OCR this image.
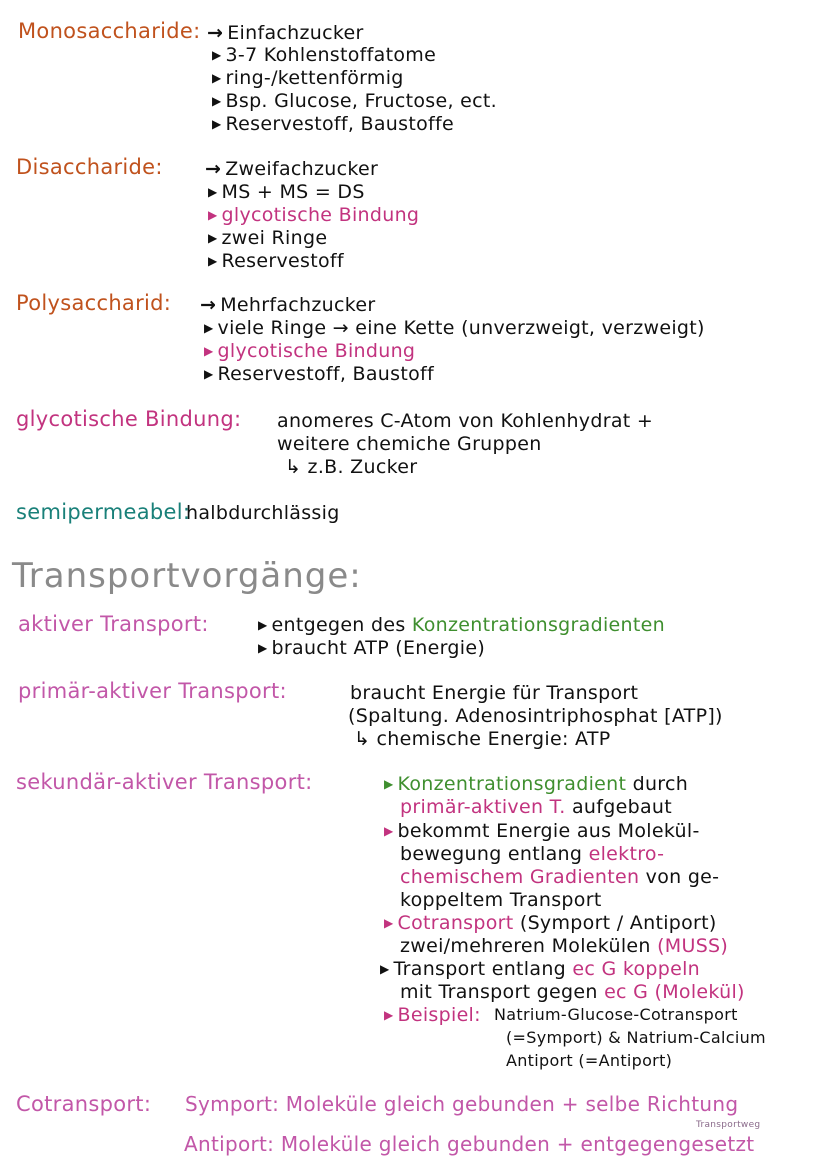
Monosaccharide: → Einfachzucker
▶ 3-7 Kohlenstoffatome
▶ ring-/kettenförmig
▶ Bsp. Glucose, Fructose, ect.
▶ Reservestoff, Baustoffe
Disaccharide: → Zweifachzucker
▶ MS + MS = DS
▶ glycotische Bindung
▶ zwei Ringe
▶ Reservestoff
Polysaccharid: → Mehrfachzucker
▶ viele Ringe → eine Kette (unverzweigt, verzweigt)
▶ glycotische Bindung
▶ Reservestoff, Baustoff
glycotische Bindung: anomeres C-Atom von Kohlenhydrat +
weitere chemiche Gruppen
↳ z.B. Zucker
semipermeabel:
halbdurchlässig
Transportvorgänge:
aktiver Transport:	▶ entgegen des Konzentrationsgradienten
▶ braucht ATP (Energie)
primär-aktiver Transport:	braucht Energie für Transport
(Spaltung. Adenosintriphosphat [ATP])
↳ chemische Energie: ATP
sekundär-aktiver Transport:	▶ Konzentrationsgradient durch
primär-aktiven T. aufgebaut
▶ bekommt Energie aus Molekül-
bewegung entlang elektro-
chemischem Gradienten von ge-
koppeltem Transport
▶ Cotransport (Symport / Antiport)
zwei/mehreren Molekülen (MUSS)
▶ Transport entlang ec G koppeln
mit Transport gegen ec G (Molekül)
▶ Beispiel: Natrium-Glucose-Cotransport
(=Symport) & Natrium-Calcium
Antiport (=Antiport)
Cotransport: Symport: Moleküle gleich gebunden + selbe Richtung
Transportweg
Antiport: Moleküle gleich gebunden + entgegengesetzt
